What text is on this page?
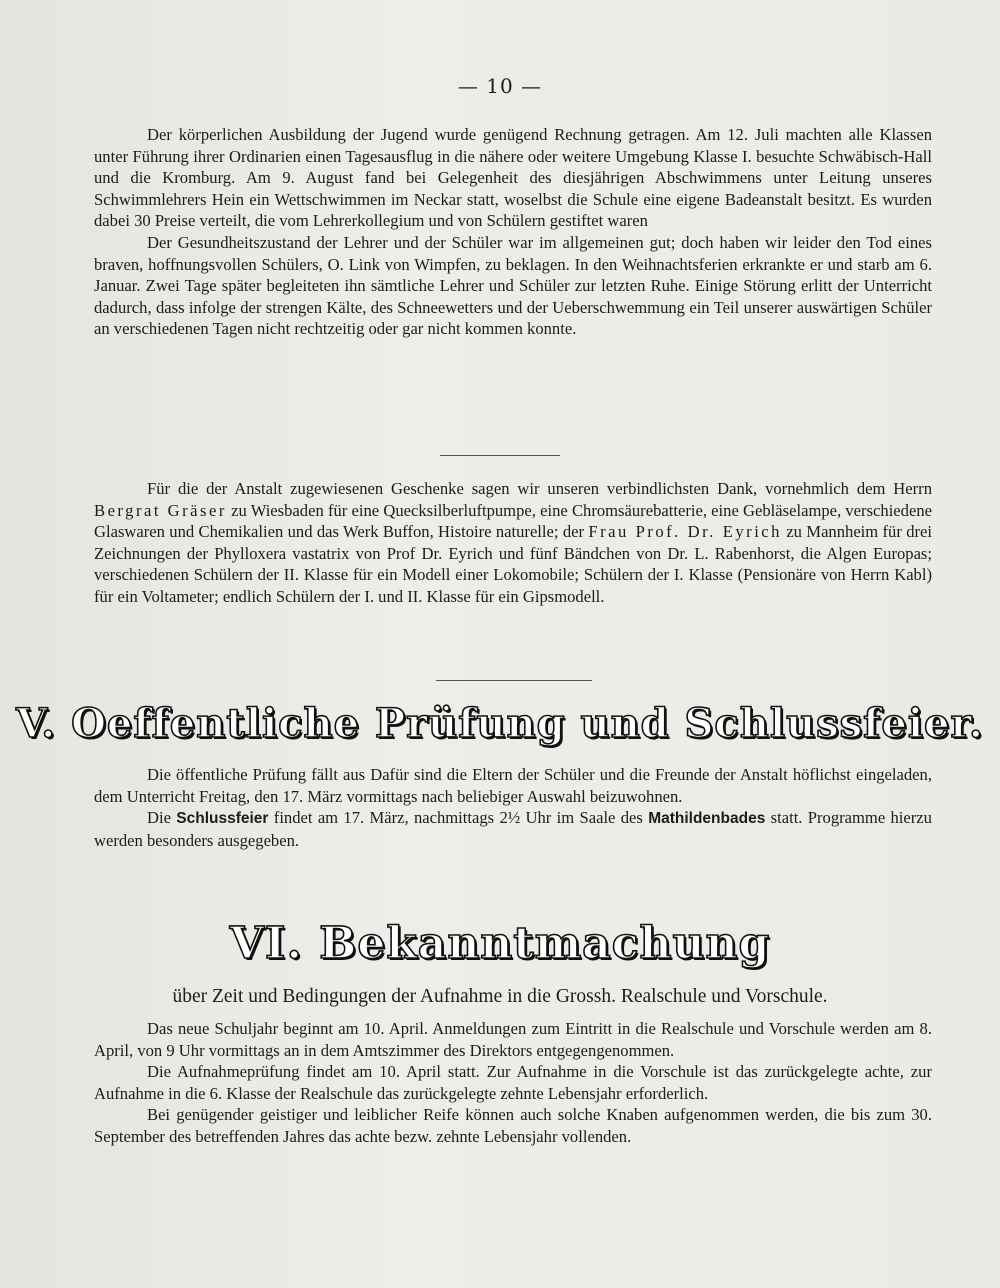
— 10 —

Der körperlichen Ausbildung der Jugend wurde genügend Rechnung getragen. Am 12. Juli machten alle Klassen unter Führung ihrer Ordinarien einen Tagesausflug in die nähere oder weitere Umgebung Klasse I. besuchte Schwäbisch-Hall und die Kromburg. Am 9. August fand bei Gelegenheit des diesjährigen Abschwimmens unter Leitung unseres Schwimmlehrers Hein ein Wettschwimmen im Neckar statt, woselbst die Schule eine eigene Badeanstalt besitzt. Es wurden dabei 30 Preise verteilt, die vom Lehrerkollegium und von Schülern gestiftet waren

Der Gesundheitszustand der Lehrer und der Schüler war im allgemeinen gut; doch haben wir leider den Tod eines braven, hoffnungsvollen Schülers, O. Link von Wimpfen, zu beklagen. In den Weihnachtsferien erkrankte er und starb am 6. Januar. Zwei Tage später begleiteten ihn sämtliche Lehrer und Schüler zur letzten Ruhe. Einige Störung erlitt der Unterricht dadurch, dass infolge der strengen Kälte, des Schneewetters und der Ueberschwemmung ein Teil unserer auswärtigen Schüler an verschiedenen Tagen nicht rechtzeitig oder gar nicht kommen konnte.

Für die der Anstalt zugewiesenen Geschenke sagen wir unseren verbindlichsten Dank, vornehmlich dem Herrn Bergrat Gräser zu Wiesbaden für eine Quecksilberluftpumpe, eine Chromsäurebatterie, eine Gebläselampe, verschiedene Glaswaren und Chemikalien und das Werk Buffon, Histoire naturelle; der Frau Prof. Dr. Eyrich zu Mannheim für drei Zeichnungen der Phylloxera vastatrix von Prof Dr. Eyrich und fünf Bändchen von Dr. L. Rabenhorst, die Algen Europas; verschiedenen Schülern der II. Klasse für ein Modell einer Lokomobile; Schülern der I. Klasse (Pensionäre von Herrn Kabl) für ein Voltameter; endlich Schülern der I. und II. Klasse für ein Gipsmodell.

V. Oeffentliche Prüfung und Schlussfeier.

Die öffentliche Prüfung fällt aus Dafür sind die Eltern der Schüler und die Freunde der Anstalt höflichst eingeladen, dem Unterricht Freitag, den 17. März vormittags nach beliebiger Auswahl beizuwohnen.

Die Schlussfeier findet am 17. März, nachmittags 2½ Uhr im Saale des Mathildenbades statt. Programme hierzu werden besonders ausgegeben.

VI. Bekanntmachung
über Zeit und Bedingungen der Aufnahme in die Grossh. Realschule und Vorschule.

Das neue Schuljahr beginnt am 10. April. Anmeldungen zum Eintritt in die Realschule und Vorschule werden am 8. April, von 9 Uhr vormittags an in dem Amtszimmer des Direktors entgegengenommen.

Die Aufnahmeprüfung findet am 10. April statt. Zur Aufnahme in die Vorschule ist das zurückgelegte achte, zur Aufnahme in die 6. Klasse der Realschule das zurückgelegte zehnte Lebensjahr erforderlich.

Bei genügender geistiger und leiblicher Reife können auch solche Knaben aufgenommen werden, die bis zum 30. September des betreffenden Jahres das achte bezw. zehnte Lebensjahr vollenden.
